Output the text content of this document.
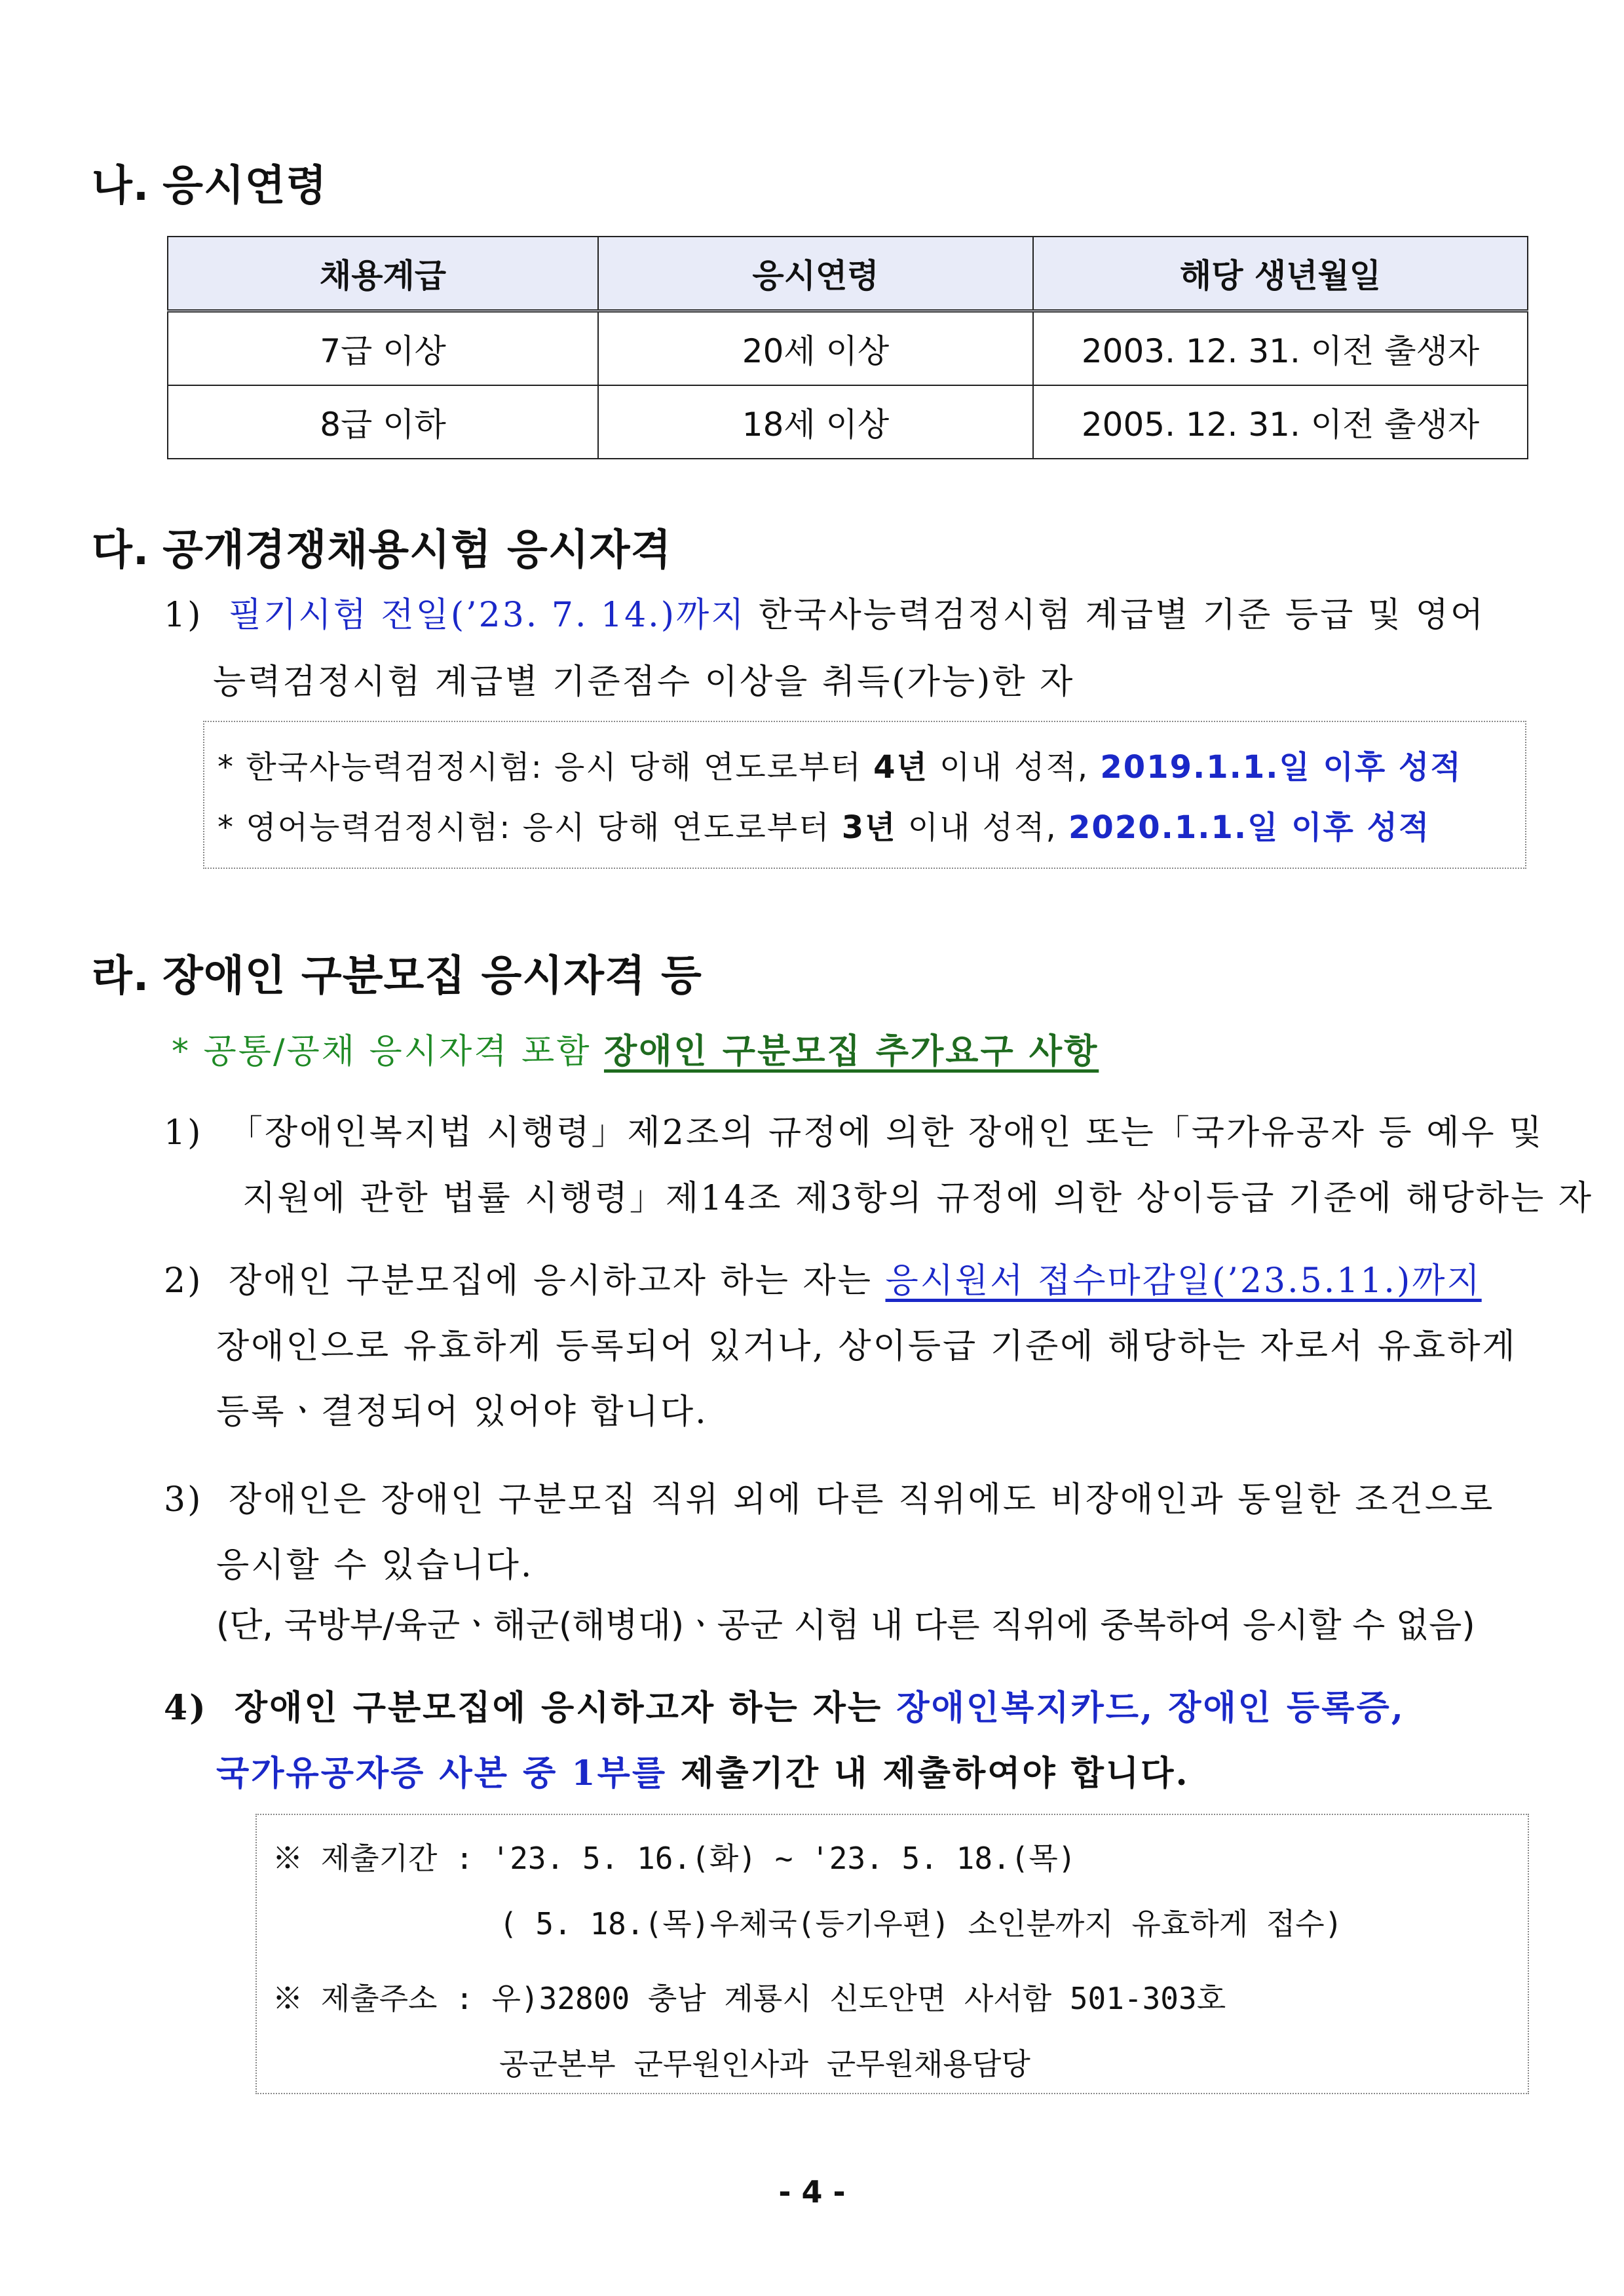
나. 응시연령
채용계급	응시연령	해당 생년월일
7급 이상	20세 이상	2003. 12. 31. 이전 출생자
8급 이하	18세 이상	2005. 12. 31. 이전 출생자
다. 공개경쟁채용시험 응시자격
1) 필기시험 전일(’23. 7. 14.)까지 한국사능력검정시험 계급별 기준 등급 및 영어
능력검정시험 계급별 기준점수 이상을 취득(가능)한 자
* 한국사능력검정시험: 응시 당해 연도로부터 4년 이내 성적, 2019.1.1.일 이후 성적
* 영어능력검정시험: 응시 당해 연도로부터 3년 이내 성적, 2020.1.1.일 이후 성적
라. 장애인 구분모집 응시자격 등
* 공통/공채 응시자격 포함 장애인 구분모집 추가요구 사항
1) 「장애인복지법 시행령」제2조의 규정에 의한 장애인 또는「국가유공자 등 예우 및
지원에 관한 법률 시행령」제14조 제3항의 규정에 의한 상이등급 기준에 해당하는 자
2) 장애인 구분모집에 응시하고자 하는 자는 응시원서 접수마감일(’23.5.11.)까지
장애인으로 유효하게 등록되어 있거나, 상이등급 기준에 해당하는 자로서 유효하게
등록ㆍ결정되어 있어야 합니다.
3) 장애인은 장애인 구분모집 직위 외에 다른 직위에도 비장애인과 동일한 조건으로
응시할 수 있습니다.
(단, 국방부/육군ㆍ해군(해병대)ㆍ공군 시험 내 다른 직위에 중복하여 응시할 수 없음)
4) 장애인 구분모집에 응시하고자 하는 자는 장애인복지카드, 장애인 등록증,
국가유공자증 사본 중 1부를 제출기간 내 제출하여야 합니다.
※ 제출기간 : '23. 5. 16.(화) ~ '23. 5. 18.(목)
( 5. 18.(목)우체국(등기우편) 소인분까지 유효하게 접수)
※ 제출주소 : 우)32800 충남 계룡시 신도안면 사서함 501-303호
공군본부 군무원인사과 군무원채용담당
- 4 -
